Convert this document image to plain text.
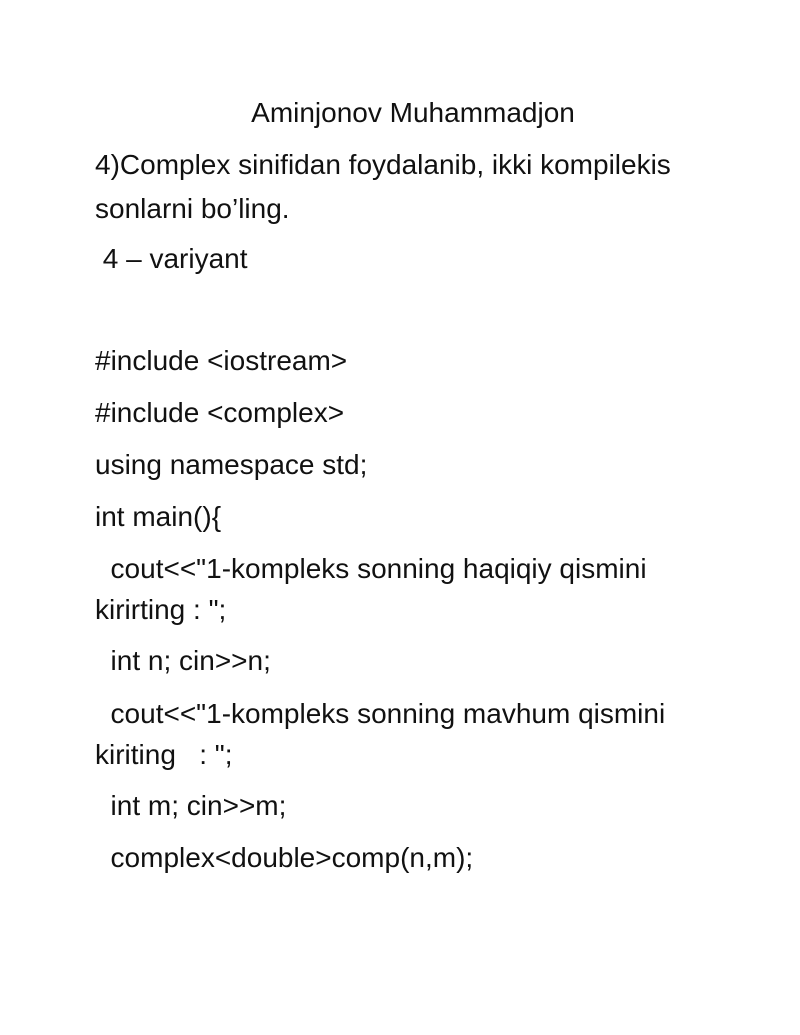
Aminjonov Muhammadjon

4)Complex sinifidan foydalanib, ikki kompilekis

sonlarni bo’ling.

4 – variyant

#include <iostream>

#include <complex>

using namespace std;

int main(){

cout<<"1-kompleks sonning haqiqiy qismini

kirirting : ";

int n; cin>>n;

cout<<"1-kompleks sonning mavhum qismini

kiriting   : ";

int m; cin>>m;

complex<double>comp(n,m);
